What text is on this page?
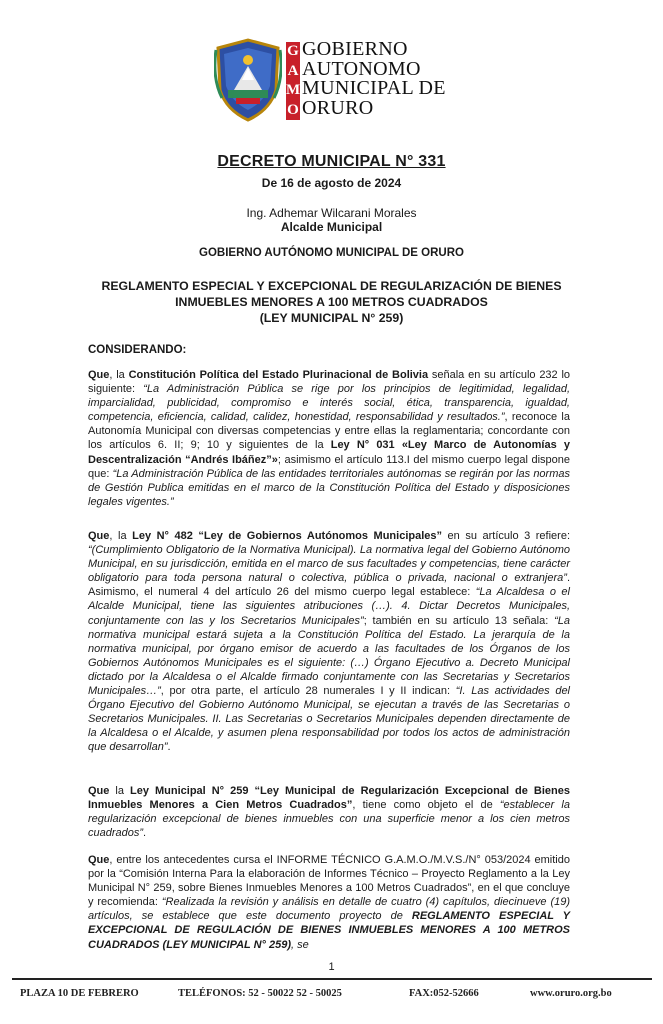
G
A
M
O
GOBIERNO
AUTONOMO
MUNICIPAL DE
ORURO
DECRETO MUNICIPAL N° 331
De 16 de agosto de 2024
Ing. Adhemar Wilcarani Morales
Alcalde Municipal
GOBIERNO AUTÓNOMO MUNICIPAL DE ORURO
REGLAMENTO ESPECIAL Y EXCEPCIONAL DE REGULARIZACIÓN DE BIENES
INMUEBLES MENORES A 100 METROS CUADRADOS
(LEY MUNICIPAL N° 259)
CONSIDERANDO:
Que, la Constitución Política del Estado Plurinacional de Bolivia señala en su artículo 232 lo siguiente: “La Administración Pública se rige por los principios de legitimidad, legalidad, imparcialidad, publicidad, compromiso e interés social, ética, transparencia, igualdad, competencia, eficiencia, calidad, calidez, honestidad, responsabilidad y resultados.”, reconoce la Autonomía Municipal con diversas competencias y entre ellas la reglamentaria; concordante con los artículos 6. II; 9; 10 y siguientes de la Ley N° 031 «Ley Marco de Autonomías y Descentralización “Andrés Ibáñez”»; asimismo el artículo 113.I del mismo cuerpo legal dispone que: “La Administración Pública de las entidades territoriales autónomas se regirán por las normas de Gestión Publica emitidas en el marco de la Constitución Política del Estado y disposiciones legales vigentes.”
Que, la Ley N° 482 “Ley de Gobiernos Autónomos Municipales” en su artículo 3 refiere: “(Cumplimiento Obligatorio de la Normativa Municipal). La normativa legal del Gobierno Autónomo Municipal, en su jurisdicción, emitida en el marco de sus facultades y competencias, tiene carácter obligatorio para toda persona natural o colectiva, pública o privada, nacional o extranjera”. Asimismo, el numeral 4 del artículo 26 del mismo cuerpo legal establece: “La Alcaldesa o el Alcalde Municipal, tiene las siguientes atribuciones (…). 4. Dictar Decretos Municipales, conjuntamente con las y los Secretarios Municipales”; también en su artículo 13 señala: “La normativa municipal estará sujeta a la Constitución Política del Estado. La jerarquía de la normativa municipal, por órgano emisor de acuerdo a las facultades de los Órganos de los Gobiernos Autónomos Municipales es el siguiente: (…) Órgano Ejecutivo a. Decreto Municipal dictado por la Alcaldesa o el Alcalde firmado conjuntamente con las Secretarias y Secretarios Municipales…”, por otra parte, el artículo 28 numerales I y II indican: “I. Las actividades del Órgano Ejecutivo del Gobierno Autónomo Municipal, se ejecutan a través de las Secretarias o Secretarios Municipales. II. Las Secretarias o Secretarios Municipales dependen directamente de la Alcaldesa o el Alcalde, y asumen plena responsabilidad por todos los actos de administración que desarrollan”.
Que la Ley Municipal N° 259 “Ley Municipal de Regularización Excepcional de Bienes Inmuebles Menores a Cien Metros Cuadrados”, tiene como objeto el de “establecer la regularización excepcional de bienes inmuebles con una superficie menor a los cien metros cuadrados”.
Que, entre los antecedentes cursa el INFORME TÉCNICO G.A.M.O./M.V.S./N° 053/2024 emitido por la “Comisión Interna Para la elaboración de Informes Técnico – Proyecto Reglamento a la Ley Municipal N° 259, sobre Bienes Inmuebles Menores a 100 Metros Cuadrados”, en el que concluye y recomienda: “Realizada la revisión y análisis en detalle de cuatro (4) capítulos, diecinueve (19) artículos, se establece que este documento proyecto de REGLAMENTO ESPECIAL Y EXCEPCIONAL DE REGULACIÓN DE BIENES INMUEBLES MENORES A 100 METROS CUADRADOS (LEY MUNICIPAL N° 259), se
1
PLAZA 10 DE FEBRERO	TELÉFONOS: 52 - 50022 52 - 50025	FAX:052-52666	www.oruro.org.bo
